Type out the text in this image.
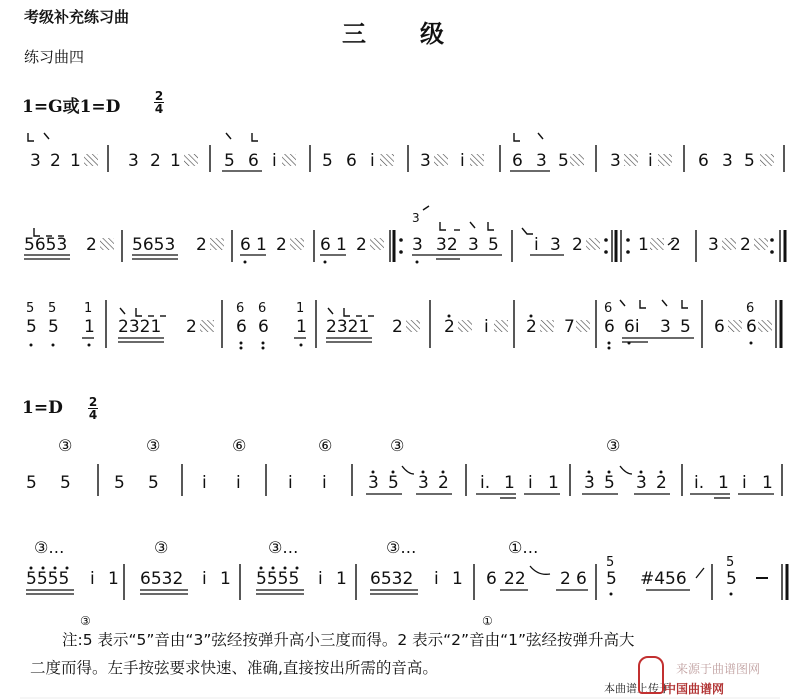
考级补充练习曲
三　　级
练习曲四
1=G或1=D
2
4
1=D 2
4
3 2 1	3 2 1	5 6 i	5 6 i	3 i	6 3 5 3 i	6 3 5
5653 2 5653 2 6 1 2 6 1 2
3
3 32 3 5 i 3 2	1 2 3 2
5 5 1
5 5 1 2321 2
6 6 1
6 6 1 2321 2 2 i 2 7
6
6 6i 3 5 6
6
6
5 5	5 5	i i	i i 3 5 3 2 i. 1 i 1 3 5 3 2 i. 1 i 1
5555 i 1 6532 i 1 5555 i 1 6532 i 1 6 22 2 6
5
5 #456
5
5
③	③	⑥	⑥	③	③
③…	③	③…	③…	①…
③	①
注:5 表示“5”音由“3”弦经按弹升高小三度而得。2 表示“2”音由“1”弦经按弹升高大
二度而得。左手按弦要求快速、准确,直接按出所需的音高。
本曲谱上传于
中国曲谱网
来源于曲谱图网
